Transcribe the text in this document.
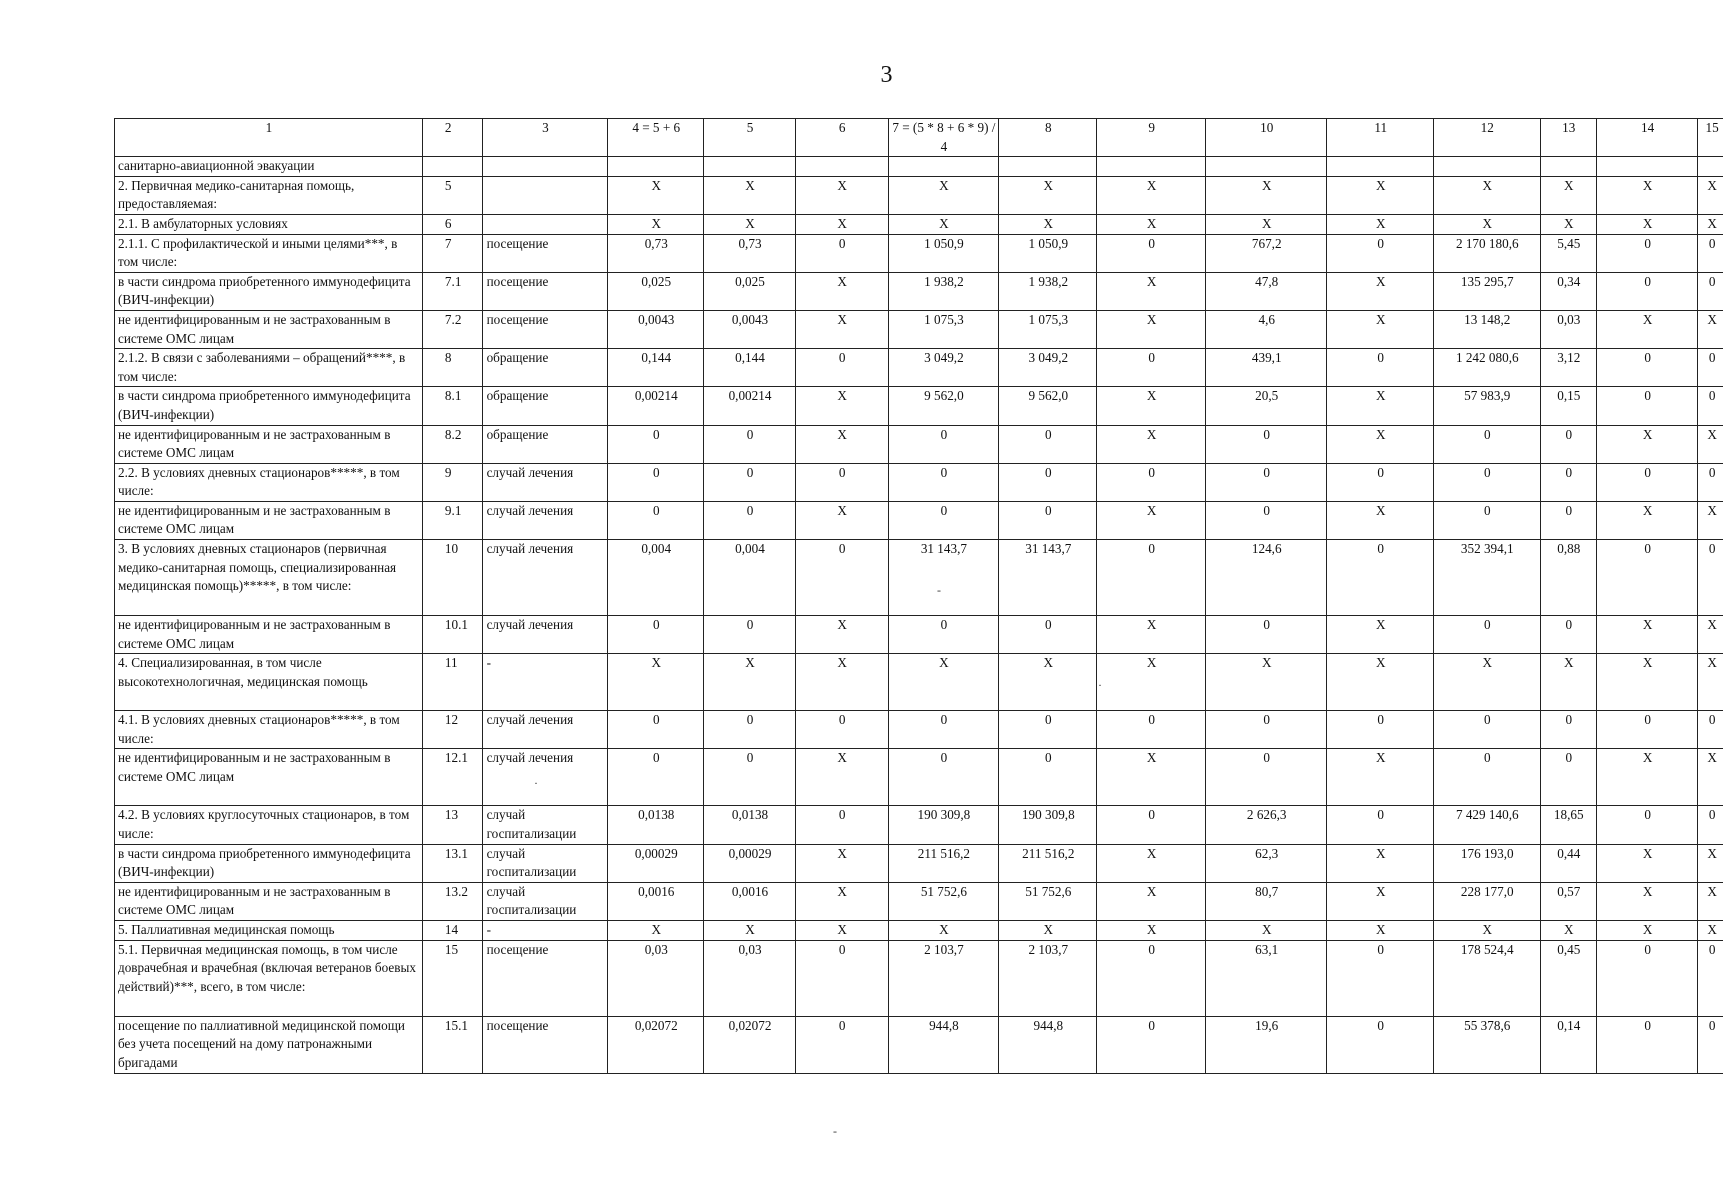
3
1	2	3	4 = 5 + 6	5	6	7 = (5 * 8 + 6 * 9) / 4	8	9	10	11	12	13	14	15
санитарно-авиационной эвакуации														
2. Первичная медико-санитарная помощь, предоставляемая:	5		X	X	X	X	X	X	X	X	X	X	X	X
2.1. В амбулаторных условиях	6		X	X	X	X	X	X	X	X	X	X	X	X
2.1.1. С профилактической и иными целями***, в том числе:	7	посещение	0,73	0,73	0	1 050,9	1 050,9	0	767,2	0	2 170 180,6	5,45	0	0
в части синдрома приобретенного иммунодефицита (ВИЧ-инфекции)	7.1	посещение	0,025	0,025	X	1 938,2	1 938,2	X	47,8	X	135 295,7	0,34	0	0
не идентифицированным и не застрахованным в системе ОМС лицам	7.2	посещение	0,0043	0,0043	X	1 075,3	1 075,3	X	4,6	X	13 148,2	0,03	X	X
2.1.2. В связи с заболеваниями – обращений****, в том числе:	8	обращение	0,144	0,144	0	3 049,2	3 049,2	0	439,1	0	1 242 080,6	3,12	0	0
в части синдрома приобретенного иммунодефицита (ВИЧ-инфекции)	8.1	обращение	0,00214	0,00214	X	9 562,0	9 562,0	X	20,5	X	57 983,9	0,15	0	0
не идентифицированным и не застрахованным в системе ОМС лицам	8.2	обращение	0	0	X	0	0	X	0	X	0	0	X	X
2.2. В условиях дневных стационаров*****, в том числе:	9	случай лечения	0	0	0	0	0	0	0	0	0	0	0	0
не идентифицированным и не застрахованным в системе ОМС лицам	9.1	случай лечения	0	0	X	0	0	X	0	X	0	0	X	X
3. В условиях дневных стационаров (первичная медико-санитарная помощь, специализированная медицинская помощь)*****, в том числе:	10	случай лечения	0,004	0,004	0	31 143,7	31 143,7	0	124,6	0	352 394,1	0,88	0	0
не идентифицированным и не застрахованным в системе ОМС лицам	10.1	случай лечения	0	0	X	0	0	X	0	X	0	0	X	X
4. Специализированная, в том числе высокотехнологичная, медицинская помощь	11	-	X	X	X	X	X	X	X	X	X	X	X	X
4.1. В условиях дневных стационаров*****, в том числе:	12	случай лечения	0	0	0	0	0	0	0	0	0	0	0	0
не идентифицированным и не застрахованным в системе ОМС лицам	12.1	случай лечения	0	0	X	0	0	X	0	X	0	0	X	X
4.2. В условиях круглосуточных стационаров, в том числе:	13	случай госпитализации	0,0138	0,0138	0	190 309,8	190 309,8	0	2 626,3	0	7 429 140,6	18,65	0	0
в части синдрома приобретенного иммунодефицита (ВИЧ-инфекции)	13.1	случай госпитализации	0,00029	0,00029	X	211 516,2	211 516,2	X	62,3	X	176 193,0	0,44	X	X
не идентифицированным и не застрахованным в системе ОМС лицам	13.2	случай госпитализации	0,0016	0,0016	X	51 752,6	51 752,6	X	80,7	X	228 177,0	0,57	X	X
5. Паллиативная медицинская помощь	14	-	X	X	X	X	X	X	X	X	X	X	X	X
5.1. Первичная медицинская помощь, в том числе доврачебная и врачебная (включая ветеранов боевых действий)***, всего, в том числе:	15	посещение	0,03	0,03	0	2 103,7	2 103,7	0	63,1	0	178 524,4	0,45	0	0
посещение по паллиативной медицинской помощи без учета посещений на дому патронажными бригадами	15.1	посещение	0,02072	0,02072	0	944,8	944,8	0	19,6	0	55 378,6	0,14	0	0
-
·
·
-
